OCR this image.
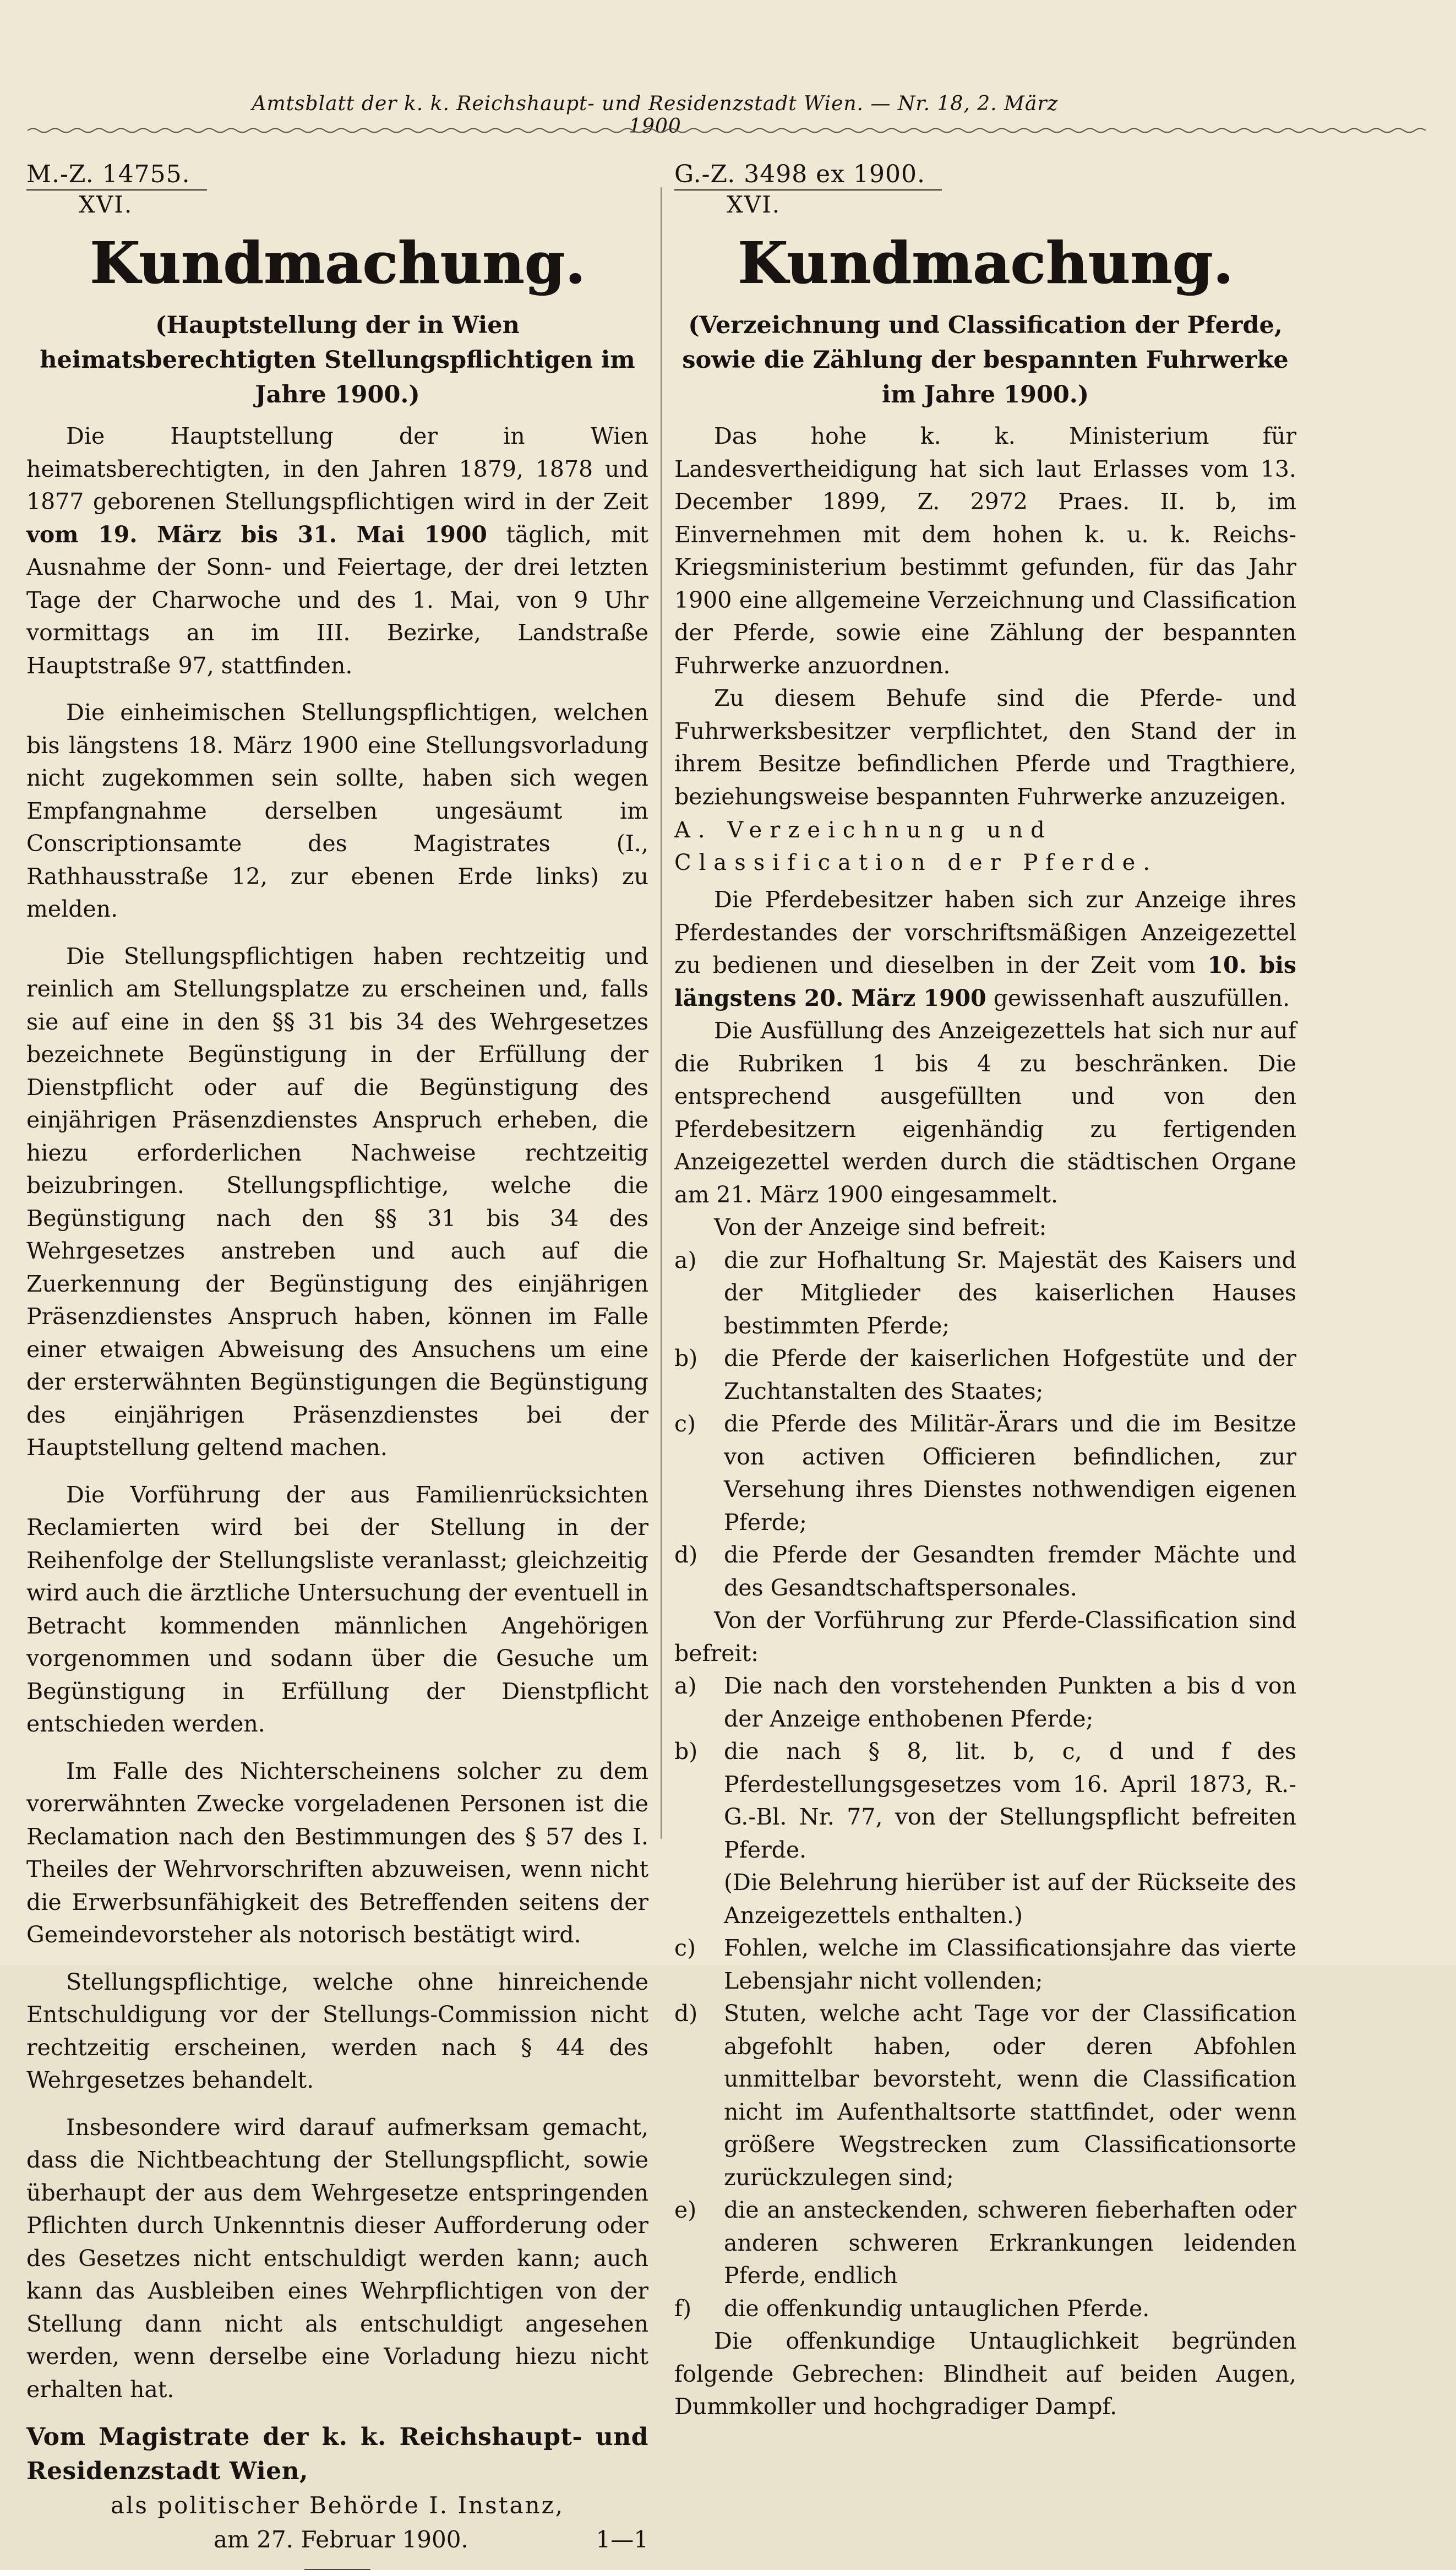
Amtsblatt der k. k. Reichshaupt- und Residenzstadt Wien. — Nr. 18, 2. März 1900
M.-Z. 14755.
XVI.
Kundmachung.
(Hauptstellung der in Wien heimatsberechtigten Stellungspflichtigen im Jahre 1900.)

Die Hauptstellung der in Wien heimatsberechtigten, in den Jahren 1879, 1878 und 1877 geborenen Stellungspflichtigen wird in der Zeit vom 19. März bis 31. Mai 1900 täglich, mit Ausnahme der Sonn- und Feiertage, der drei letzten Tage der Charwoche und des 1. Mai, von 9 Uhr vormittags an im III. Bezirke, Landstraße Hauptstraße 97, stattfinden.

Die einheimischen Stellungspflichtigen, welchen bis längstens 18. März 1900 eine Stellungsvorladung nicht zugekommen sein sollte, haben sich wegen Empfangnahme derselben ungesäumt im Conscriptionsamte des Magistrates (I., Rathhausstraße 12, zur ebenen Erde links) zu melden.

Die Stellungspflichtigen haben rechtzeitig und reinlich am Stellungsplatze zu erscheinen und, falls sie auf eine in den §§ 31 bis 34 des Wehrgesetzes bezeichnete Begünstigung in der Erfüllung der Dienstpflicht oder auf die Begünstigung des einjährigen Präsenzdienstes Anspruch erheben, die hiezu erforderlichen Nachweise rechtzeitig beizubringen. Stellungspflichtige, welche die Begünstigung nach den §§ 31 bis 34 des Wehrgesetzes anstreben und auch auf die Zuerkennung der Begünstigung des einjährigen Präsenzdienstes Anspruch haben, können im Falle einer etwaigen Abweisung des Ansuchens um eine der ersterwähnten Begünstigungen die Begünstigung des einjährigen Präsenzdienstes bei der Hauptstellung geltend machen.

Die Vorführung der aus Familienrücksichten Reclamierten wird bei der Stellung in der Reihenfolge der Stellungsliste veranlasst; gleichzeitig wird auch die ärztliche Untersuchung der eventuell in Betracht kommenden männlichen Angehörigen vorgenommen und sodann über die Gesuche um Begünstigung in Erfüllung der Dienstpflicht entschieden werden.

Im Falle des Nichterscheinens solcher zu dem vorerwähnten Zwecke vorgeladenen Personen ist die Reclamation nach den Bestimmungen des § 57 des I. Theiles der Wehrvorschriften abzuweisen, wenn nicht die Erwerbsunfähigkeit des Betreffenden seitens der Gemeindevorsteher als notorisch bestätigt wird.

Stellungspflichtige, welche ohne hinreichende Entschuldigung vor der Stellungs-Commission nicht rechtzeitig erscheinen, werden nach § 44 des Wehrgesetzes behandelt.

Insbesondere wird darauf aufmerksam gemacht, dass die Nichtbeachtung der Stellungspflicht, sowie überhaupt der aus dem Wehrgesetze entspringenden Pflichten durch Unkenntnis dieser Aufforderung oder des Gesetzes nicht entschuldigt werden kann; auch kann das Ausbleiben eines Wehrpflichtigen von der Stellung dann nicht als entschuldigt angesehen werden, wenn derselbe eine Vorladung hiezu nicht erhalten hat.

Vom Magistrate der k. k. Reichshaupt- und Residenzstadt Wien,
als politischer Behörde I. Instanz,
am 27. Februar 1900.	1—1
G.-Z. 3498 ex 1900.
XVI.
Kundmachung.
(Verzeichnung und Classification der Pferde, sowie die Zählung der bespannten Fuhrwerke im Jahre 1900.)

Das hohe k. k. Ministerium für Landesvertheidigung hat sich laut Erlasses vom 13. December 1899, Z. 2972 Praes. II. b, im Einvernehmen mit dem hohen k. u. k. Reichs-Kriegsministerium bestimmt gefunden, für das Jahr 1900 eine allgemeine Verzeichnung und Classification der Pferde, sowie eine Zählung der bespannten Fuhrwerke anzuordnen.

Zu diesem Behufe sind die Pferde- und Fuhrwerksbesitzer verpflichtet, den Stand der in ihrem Besitze befindlichen Pferde und Tragthiere, beziehungsweise bespannten Fuhrwerke anzuzeigen.

A. Verzeichnung und Classification der Pferde.

Die Pferdebesitzer haben sich zur Anzeige ihres Pferdestandes der vorschriftsmäßigen Anzeigezettel zu bedienen und dieselben in der Zeit vom 10. bis längstens 20. März 1900 gewissenhaft auszufüllen.

Die Ausfüllung des Anzeigezettels hat sich nur auf die Rubriken 1 bis 4 zu beschränken. Die entsprechend ausgefüllten und von den Pferdebesitzern eigenhändig zu fertigenden Anzeigezettel werden durch die städtischen Organe am 21. März 1900 eingesammelt.

Von der Anzeige sind befreit:

a) die zur Hofhaltung Sr. Majestät des Kaisers und der Mitglieder des kaiserlichen Hauses bestimmten Pferde;

b) die Pferde der kaiserlichen Hofgestüte und der Zuchtanstalten des Staates;

c) die Pferde des Militär-Ärars und die im Besitze von activen Officieren befindlichen, zur Versehung ihres Dienstes nothwendigen eigenen Pferde;

d) die Pferde der Gesandten fremder Mächte und des Gesandtschaftspersonales.

Von der Vorführung zur Pferde-Classification sind befreit:

a) Die nach den vorstehenden Punkten a bis d von der Anzeige enthobenen Pferde;

b) die nach § 8, lit. b, c, d und f des Pferdestellungsgesetzes vom 16. April 1873, R.-G.-Bl. Nr. 77, von der Stellungspflicht befreiten Pferde.

(Die Belehrung hierüber ist auf der Rückseite des Anzeigezettels enthalten.)

c) Fohlen, welche im Classificationsjahre das vierte Lebensjahr nicht vollenden;

d) Stuten, welche acht Tage vor der Classification abgefohlt haben, oder deren Abfohlen unmittelbar bevorsteht, wenn die Classification nicht im Aufenthaltsorte stattfindet, oder wenn größere Wegstrecken zum Classificationsorte zurückzulegen sind;

e) die an ansteckenden, schweren fieberhaften oder anderen schweren Erkrankungen leidenden Pferde, endlich

f) die offenkundig untauglichen Pferde.

Die offenkundige Untauglichkeit begründen folgende Gebrechen: Blindheit auf beiden Augen, Dummkoller und hochgradiger Dampf.
